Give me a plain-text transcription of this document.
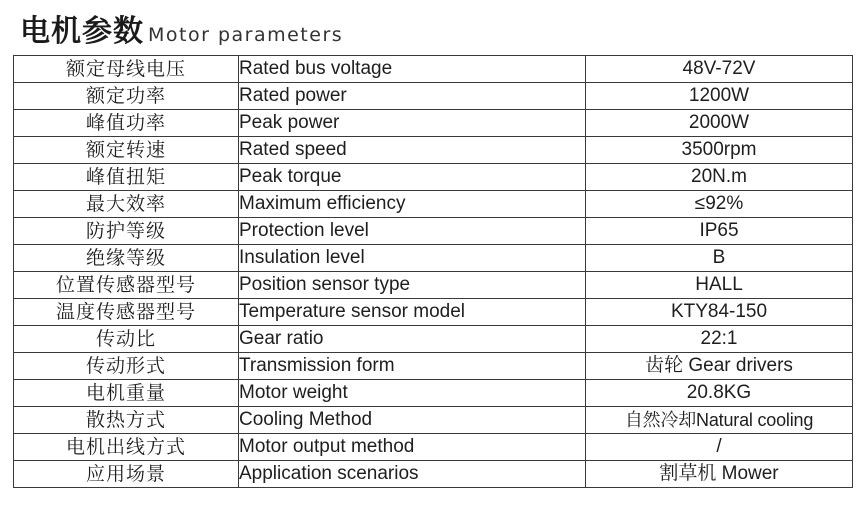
电机参数 Motor parameters
额定母线电压	Rated bus voltage	48V-72V
额定功率	Rated power	1200W
峰值功率	Peak power	2000W
额定转速	Rated speed	3500rpm
峰值扭矩	Peak torque	20N.m
最大效率	Maximum efficiency	≤92%
防护等级	Protection level	IP65
绝缘等级	Insulation level	B
位置传感器型号	Position sensor type	HALL
温度传感器型号	Temperature sensor model	KTY84-150
传动比	Gear ratio	22:1
传动形式	Transmission form	齿轮 Gear drivers
电机重量	Motor weight	20.8KG
散热方式	Cooling Method	自然冷却Natural cooling
电机出线方式	Motor output method	/
应用场景	Application scenarios	割草机 Mower
